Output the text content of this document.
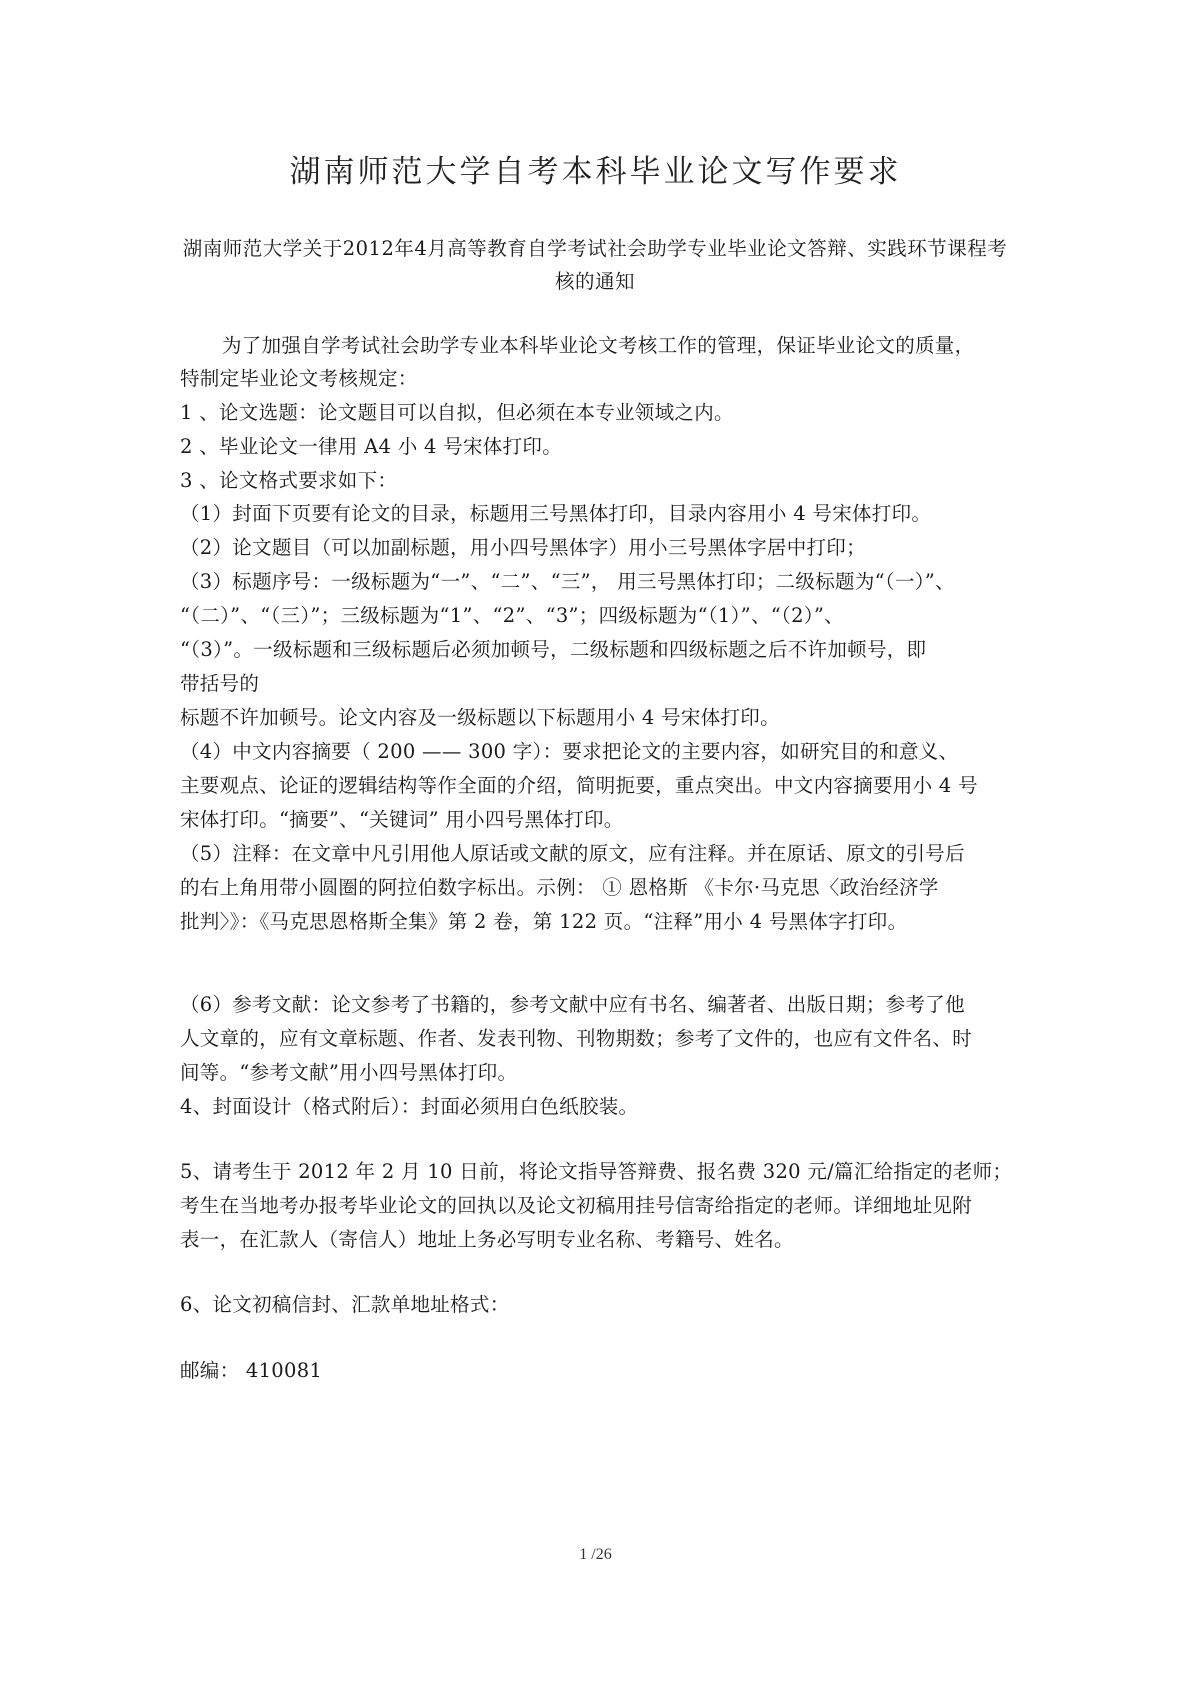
湖南师范大学自考本科毕业论文写作要求
湖南师范大学关于2012年4月高等教育自学考试社会助学专业毕业论文答辩、实践环节课程考核的通知
为了加强自学考试社会助学专业本科毕业论文考核工作的管理，保证毕业论文的质量，
特制定毕业论文考核规定：
1 、论文选题：论文题目可以自拟，但必须在本专业领域之内。
2 、毕业论文一律用 A4 小 4 号宋体打印。
3 、论文格式要求如下：
（1）封面下页要有论文的目录，标题用三号黑体打印，目录内容用小 4 号宋体打印。
（2）论文题目（可以加副标题，用小四号黑体字）用小三号黑体字居中打印；
（3）标题序号：一级标题为“一”、“二”、“三”， 用三号黑体打印；二级标题为“（一）”、
“（二）”、“（三）”；三级标题为“1”、“2”、“3”；四级标题为“（1）”、“（2）”、
“（3）”。一级标题和三级标题后必须加顿号，二级标题和四级标题之后不许加顿号，即
带括号的
标题不许加顿号。论文内容及一级标题以下标题用小 4 号宋体打印。
（4）中文内容摘要（ 200 —— 300 字）：要求把论文的主要内容，如研究目的和意义、
主要观点、论证的逻辑结构等作全面的介绍，简明扼要，重点突出。中文内容摘要用小 4 号
宋体打印。“摘要”、“关键词” 用小四号黑体打印。
（5）注释：在文章中凡引用他人原话或文献的原文，应有注释。并在原话、原文的引号后
的右上角用带小圆圈的阿拉伯数字标出。示例： ① 恩格斯 《卡尔·马克思〈政治经济学
批判〉》：《马克思恩格斯全集》第 2 卷，第 122 页。“注释”用小 4 号黑体字打印。
（6）参考文献：论文参考了书籍的，参考文献中应有书名、编著者、出版日期；参考了他
人文章的，应有文章标题、作者、发表刊物、刊物期数；参考了文件的，也应有文件名、时
间等。“参考文献”用小四号黑体打印。
4、封面设计（格式附后）：封面必须用白色纸胶装。
5、请考生于 2012 年 2 月 10 日前，将论文指导答辩费、报名费 320 元/篇汇给指定的老师；
考生在当地考办报考毕业论文的回执以及论文初稿用挂号信寄给指定的老师。详细地址见附
表一，在汇款人（寄信人）地址上务必写明专业名称、考籍号、姓名。
6、论文初稿信封、汇款单地址格式：
邮编： 410081
1 /26
